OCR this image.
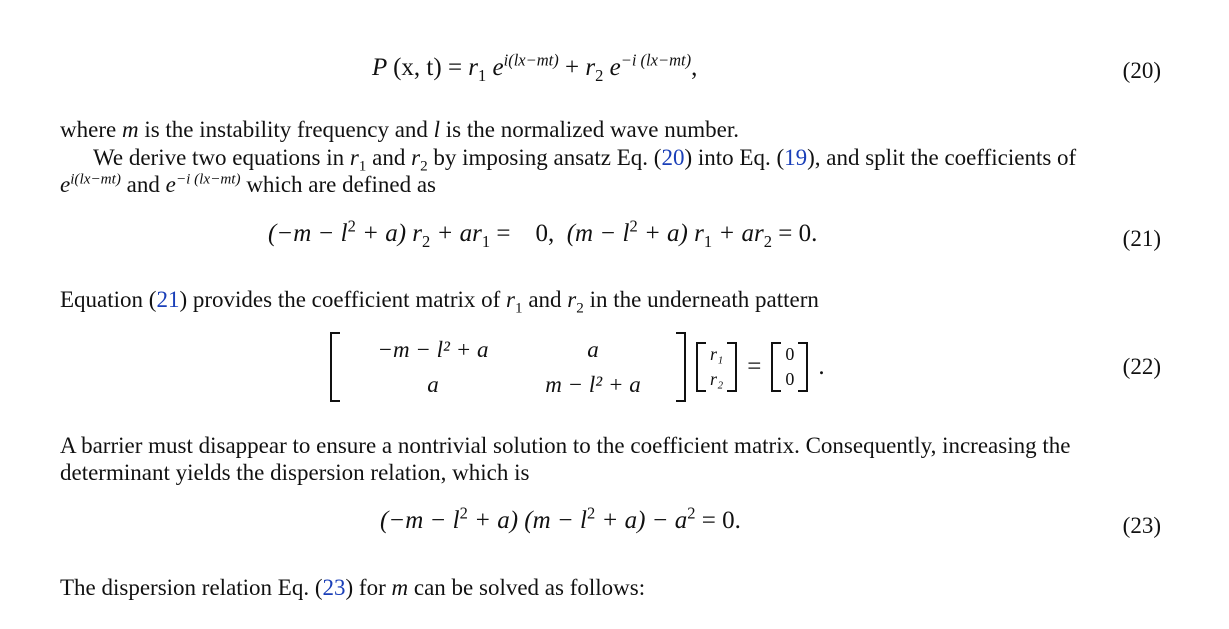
P (x, $t) = r_1$ $e^{i(lx-mt)} + r_2$ $e^{-i (lx-mt)}$,	(20)
where m is the instability frequency and l is the normalized wave number.
We derive two equations in $r_1$ and $r_2$ by imposing ansatz Eq. (20) into Eq. (19), and split the coefficients of
$e^{i(lx-mt)}$ and $e^{-i (lx-mt)}$ which are defined as
$(-m - l^2 + a)$ $r_2 + ar_1$ =    0,  $(m - l^2 + a)$ $r_1 + ar_2 = 0$.	(21)
Equation (21) provides the coefficient matrix of $r_1$ and $r_2$ in the underneath pattern
−m − l² + a	a
a	m − l² + a
r₁
r₂ = 0
0 .	(22)
A barrier must disappear to ensure a nontrivial solution to the coefficient matrix. Consequently, increasing the
determinant yields the dispersion relation, which is
$(-m - l^2 + a)$ $(m - l^2 + a) - a^2 = 0$.	(23)
The dispersion relation Eq. (23) for m can be solved as follows:
